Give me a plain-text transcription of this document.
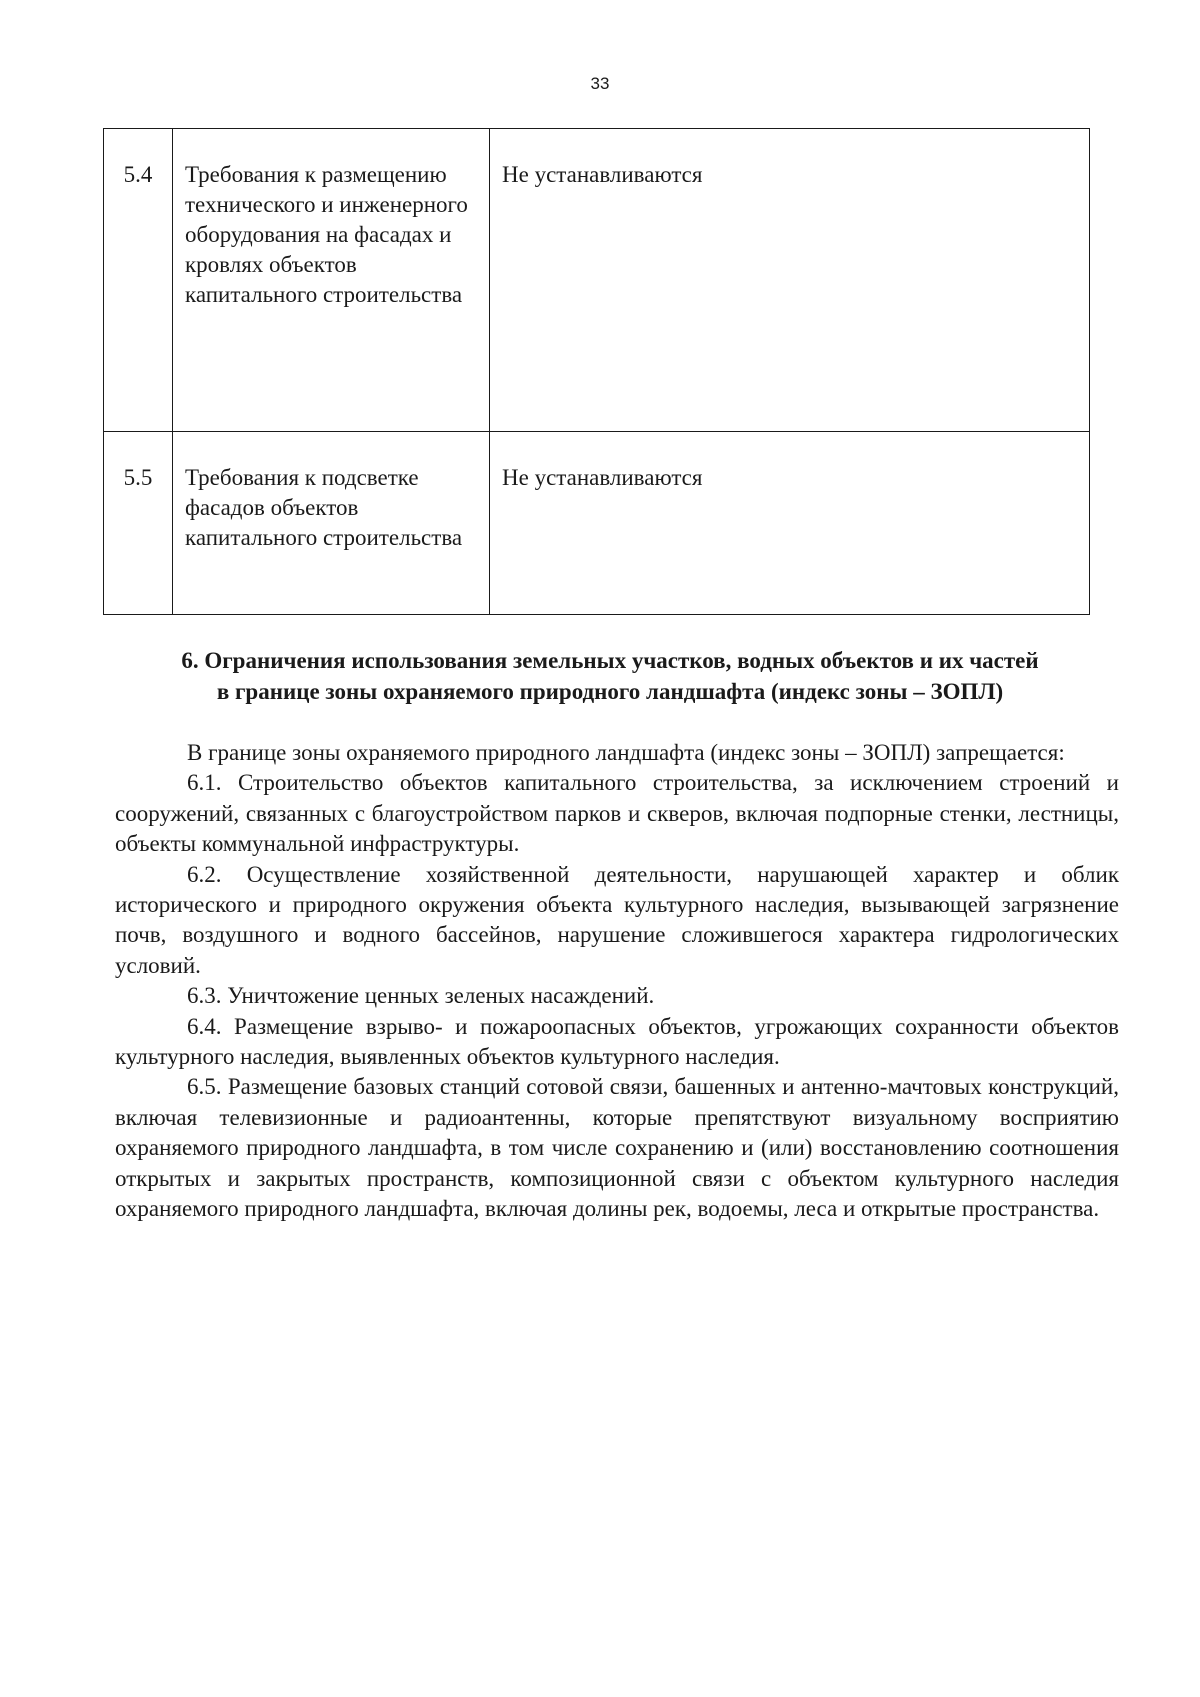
33
5.4	Требования к размещению технического и инженерного оборудования на фасадах и кровлях объектов капитального строительства	Не устанавливаются

5.5	Требования к подсветке фасадов объектов капитального строительства	Не устанавливаются
6. Ограничения использования земельных участков, водных объектов и их частей
в границе зоны охраняемого природного ландшафта (индекс зоны – ЗОПЛ)

В границе зоны охраняемого природного ландшафта (индекс зоны – ЗОПЛ) запрещается:

6.1. Строительство объектов капитального строительства, за исключением строений и сооружений, связанных с благоустройством парков и скверов, включая подпорные стенки, лестницы, объекты коммунальной инфраструктуры.

6.2. Осуществление хозяйственной деятельности, нарушающей характер и облик исторического и природного окружения объекта культурного наследия, вызывающей загрязнение почв, воздушного и водного бассейнов, нарушение сложившегося характера гидрологических условий.

6.3. Уничтожение ценных зеленых насаждений.

6.4. Размещение взрыво- и пожароопасных объектов, угрожающих сохранности объектов культурного наследия, выявленных объектов культурного наследия.

6.5. Размещение базовых станций сотовой связи, башенных и антенно-мачтовых конструкций, включая телевизионные и радиоантенны, которые препятствуют визуальному восприятию охраняемого природного ландшафта, в том числе сохранению и (или) восстановлению соотношения открытых и закрытых пространств, композиционной связи с объектом культурного наследия охраняемого природного ландшафта, включая долины рек, водоемы, леса и открытые пространства.
